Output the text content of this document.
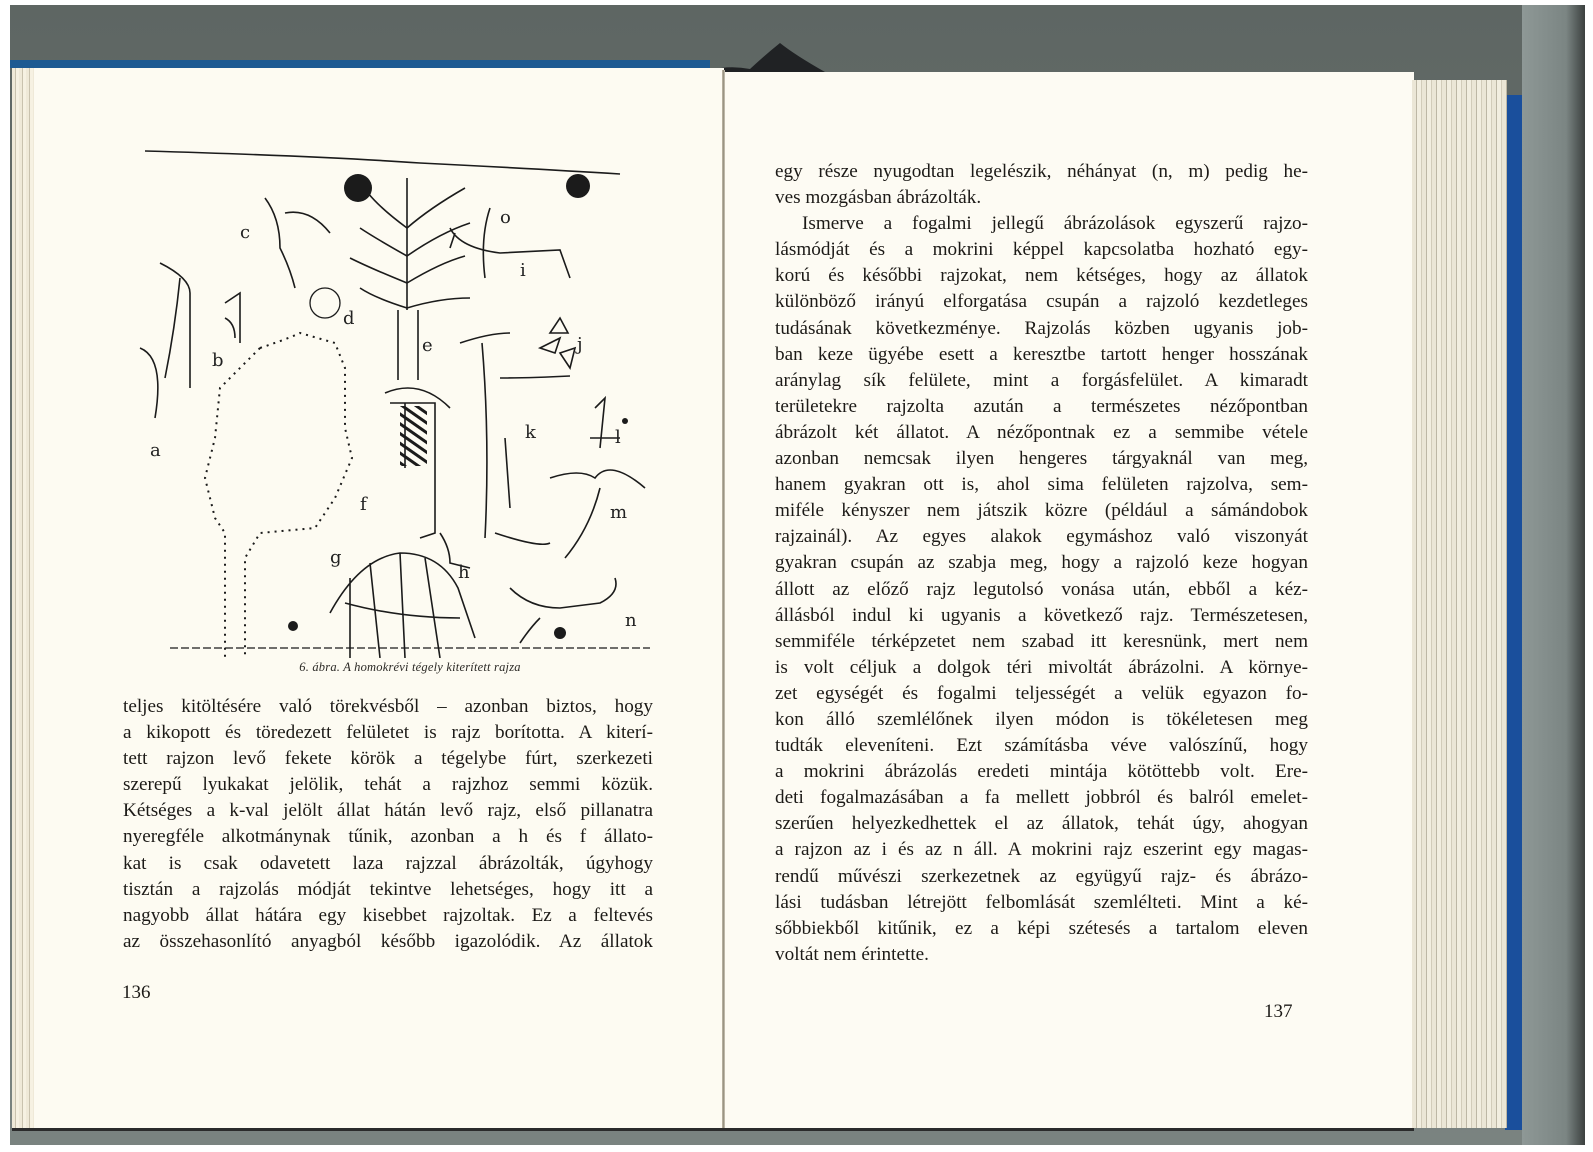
a
b
c
d
e
f
g
h
i
j
k	l
m
n
o
6. ábra. A homokrévi tégely kiterített rajza
teljes kitöltésére való törekvésből – azonban biztos, hogy
a kikopott és töredezett felületet is rajz borította. A kiterí-
tett rajzon levő fekete körök a tégelybe fúrt, szerkezeti
szerepű lyukakat jelölik, tehát a rajzhoz semmi közük.
Kétséges a k-val jelölt állat hátán levő rajz, első pillanatra
nyeregféle alkotmánynak tűnik, azonban a h és f állato-
kat is csak odavetett laza rajzzal ábrázolták, úgyhogy
tisztán a rajzolás módját tekintve lehetséges, hogy itt a
nagyobb állat hátára egy kisebbet rajzoltak. Ez a feltevés
az összehasonlító anyagból később igazolódik. Az állatok
136
egy része nyugodtan legelészik, néhányat (n, m) pedig he-
ves mozgásban ábrázolták.
Ismerve a fogalmi jellegű ábrázolások egyszerű rajzo-
lásmódját és a mokrini képpel kapcsolatba hozható egy-
korú és későbbi rajzokat, nem kétséges, hogy az állatok
különböző irányú elforgatása csupán a rajzoló kezdetleges
tudásának következménye. Rajzolás közben ugyanis job-
ban keze ügyébe esett a keresztbe tartott henger hosszának
aránylag sík felülete, mint a forgásfelület. A kimaradt
területekre rajzolta azután a természetes nézőpontban
ábrázolt két állatot. A nézőpontnak ez a semmibe vétele
azonban nemcsak ilyen hengeres tárgyaknál van meg,
hanem gyakran ott is, ahol sima felületen rajzolva, sem-
miféle kényszer nem játszik közre (például a sámándobok
rajzainál). Az egyes alakok egymáshoz való viszonyát
gyakran csupán az szabja meg, hogy a rajzoló keze hogyan
állott az előző rajz legutolsó vonása után, ebből a kéz-
állásból indul ki ugyanis a következő rajz. Természetesen,
semmiféle térképzetet nem szabad itt keresnünk, mert nem
is volt céljuk a dolgok téri mivoltát ábrázolni. A környe-
zet egységét és fogalmi teljességét a velük egyazon fo-
kon álló szemlélőnek ilyen módon is tökéletesen meg
tudták eleveníteni. Ezt számításba véve valószínű, hogy
a mokrini ábrázolás eredeti mintája kötöttebb volt. Ere-
deti fogalmazásában a fa mellett jobbról és balról emelet-
szerűen helyezkedhettek el az állatok, tehát úgy, ahogyan
a rajzon az i és az n áll. A mokrini rajz eszerint egy magas-
rendű művészi szerkezetnek az együgyű rajz- és ábrázo-
lási tudásban létrejött felbomlását szemlélteti. Mint a ké-
sőbbiekből kitűnik, ez a képi szétesés a tartalom eleven
voltát nem érintette.
137
